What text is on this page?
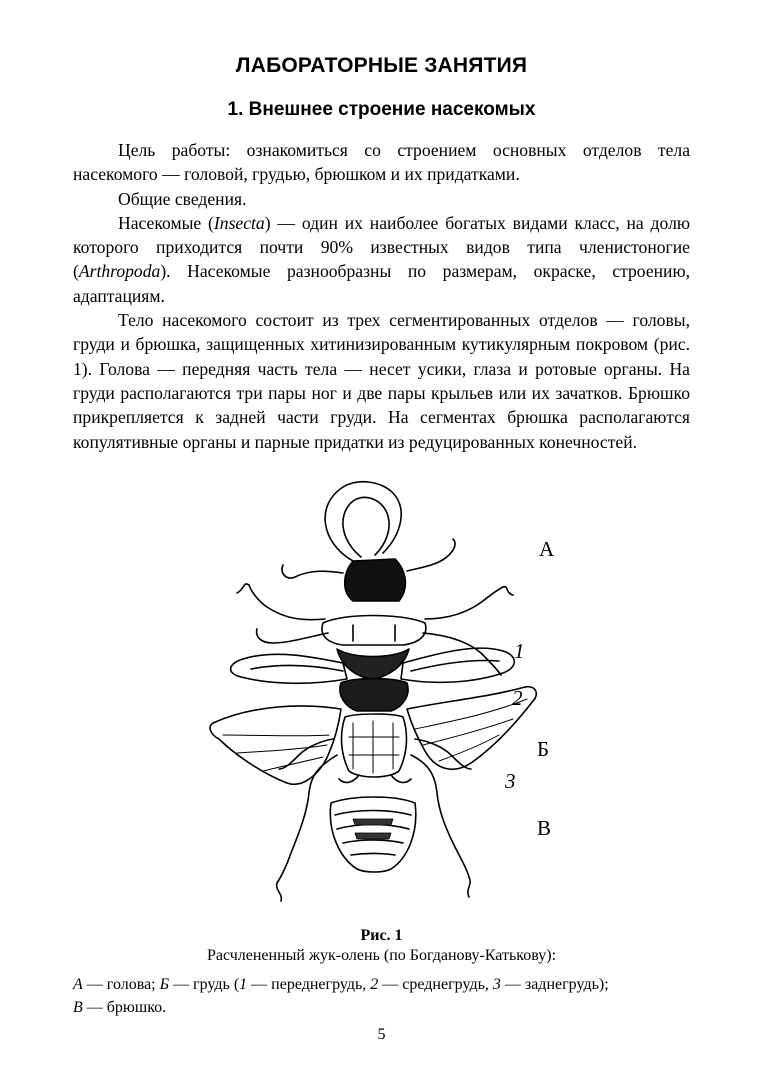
ЛАБОРАТОРНЫЕ ЗАНЯТИЯ
1. Внешнее строение насекомых

Цель работы: ознакомиться со строением основных отделов тела насекомого — головой, грудью, брюшком и их придатками.

Общие сведения.

Насекомые (Insecta) — один их наиболее богатых видами класс, на долю которого приходится почти 90% известных видов типа членистоногие (Arthropoda). Насекомые разнообразны по размерам, окраске, строению, адаптациям.

Тело насекомого состоит из трех сегментированных отделов — головы, груди и брюшка, защищенных хитинизированным кутикулярным покровом (рис. 1). Голова — передняя часть тела — несет усики, глаза и ротовые органы. На груди располагаются три пары ног и две пары крыльев или их зачатков. Брюшко прикрепляется к задней части груди. На сегментах брюшка располагаются копулятивные органы и парные придатки из редуцированных конечностей.

А
1
2
Б
3
В
Рис. 1
Расчлененный жук-олень (по Богданову-Катькову):
А — голова; Б — грудь (1 — переднегрудь, 2 — среднегрудь, 3 — заднегрудь);
В — брюшко.
5
